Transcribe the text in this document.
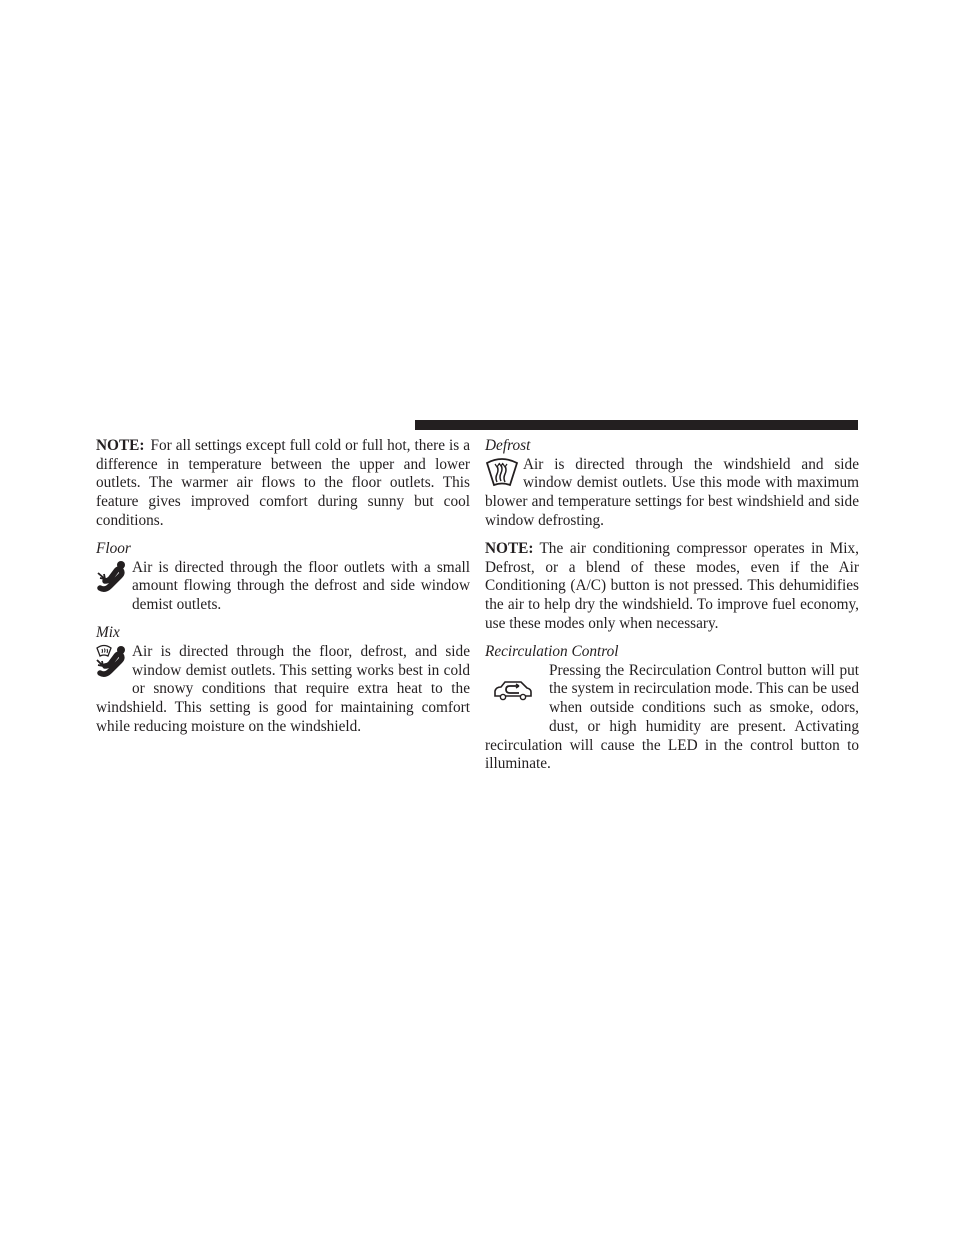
NOTE: For all settings except full cold or full hot, there is a difference in temperature between the upper and lower outlets. The warmer air flows to the floor outlets. This feature gives improved comfort during sunny but cool conditions.

Floor

Air is directed through the floor outlets with a small amount flowing through the defrost and side window demist outlets.

Mix

Air is directed through the floor, defrost, and side window demist outlets. This setting works best in cold or snowy conditions that require extra heat to the windshield. This setting is good for maintaining comfort while reducing moisture on the windshield.

Defrost

Air is directed through the windshield and side window demist outlets. Use this mode with maximum blower and temperature settings for best windshield and side window defrosting.

NOTE: The air conditioning compressor operates in Mix, Defrost, or a blend of these modes, even if the Air Conditioning (A/C) button is not pressed. This dehumidifies the air to help dry the windshield. To improve fuel economy, use these modes only when necessary.

Recirculation Control

Pressing the Recirculation Control button will put the system in recirculation mode. This can be used when outside conditions such as smoke, odors, dust, or high humidity are present. Activating recirculation will cause the LED in the control button to illuminate.
